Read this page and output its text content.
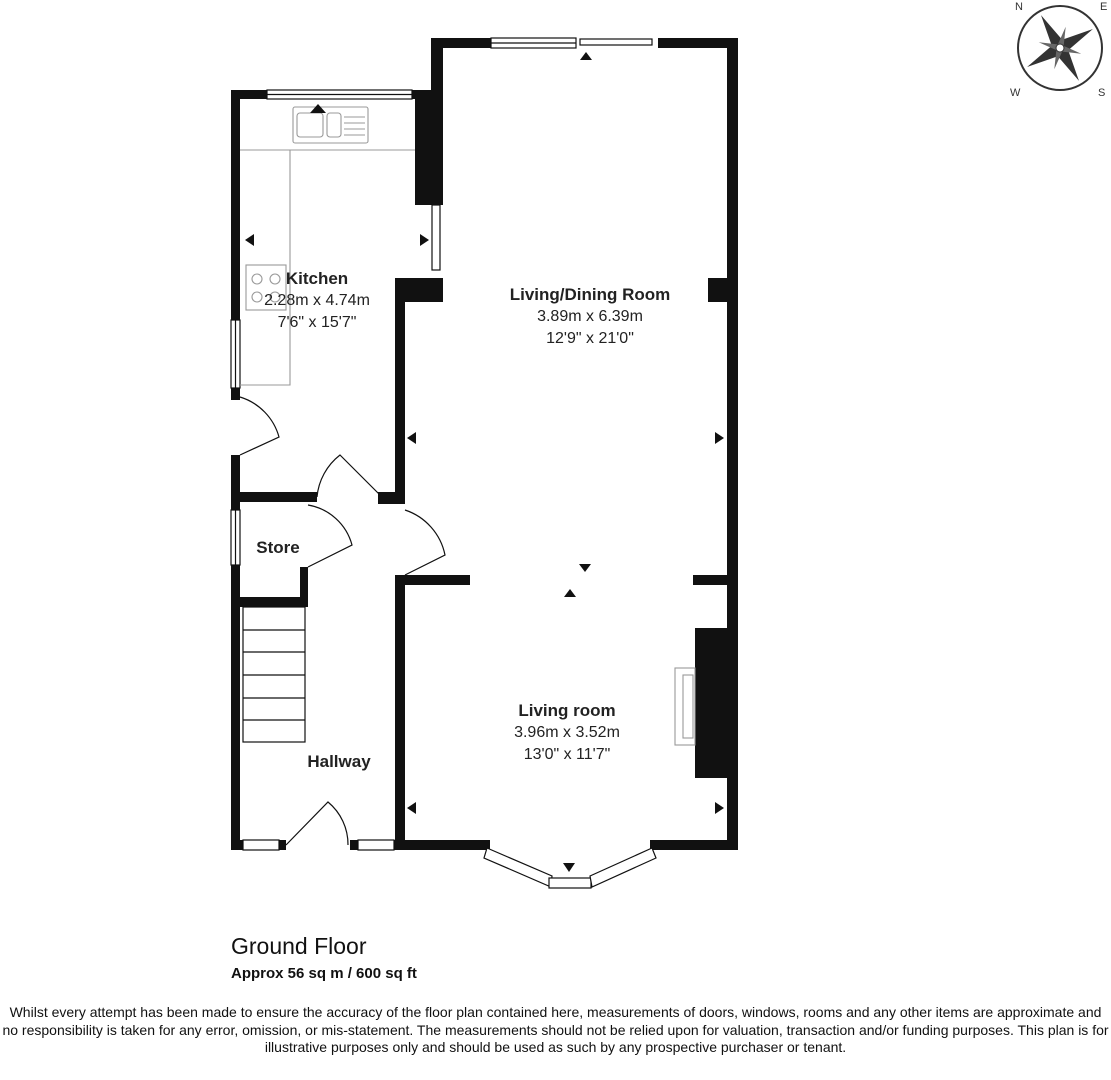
Kitchen
2.28m x 4.74m
7'6" x 15'7"
Living/Dining Room
3.89m x 6.39m
12'9" x 21'0"
Store
Living room
3.96m x 3.52m
13'0" x 11'7"
Hallway
N	E
S
W
Ground Floor
Approx 56 sq m / 600 sq ft
Whilst every attempt has been made to ensure the accuracy of the floor plan contained here, measurements of doors, windows, rooms and any other items are approximate and no responsibility is taken for any error, omission, or mis-statement. The measurements should not be relied upon for valuation, transaction and/or funding purposes. This plan is for illustrative purposes only and should be used as such by any prospective purchaser or tenant.
